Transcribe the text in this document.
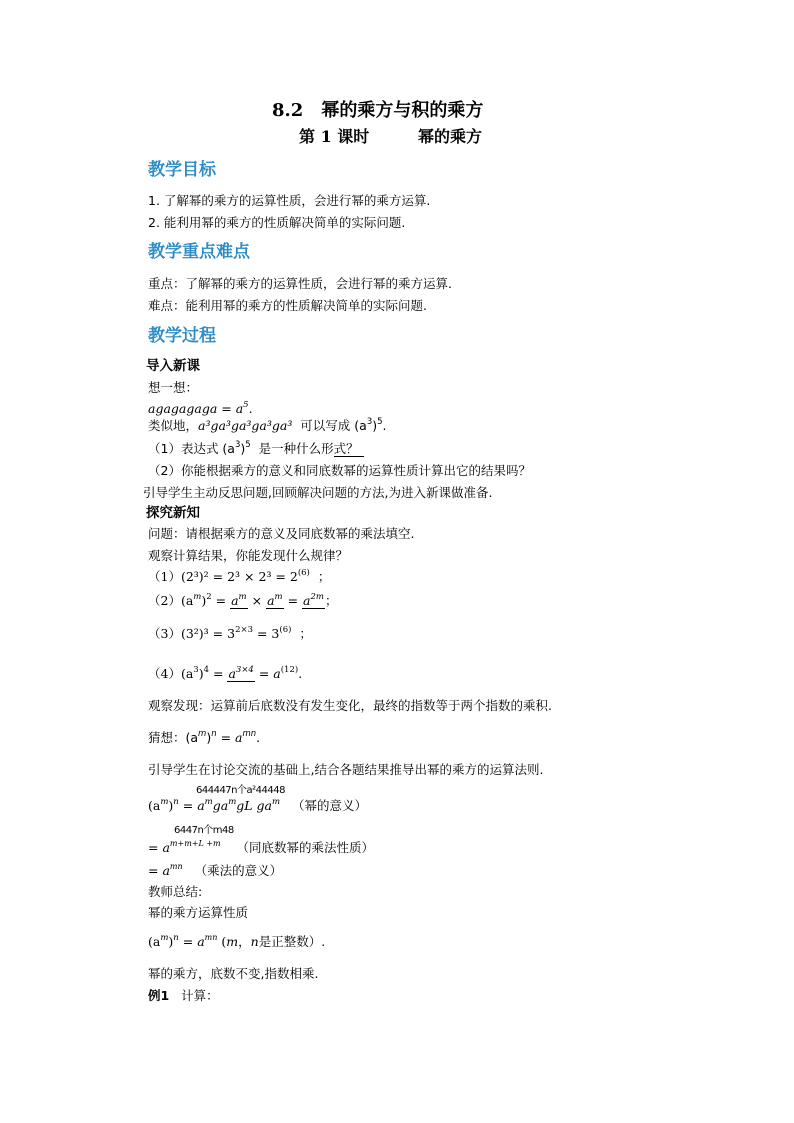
8.2　幂的乘方与积的乘方
第 1 课时	幂的乘方
教学目标
1. 了解幂的乘方的运算性质，会进行幂的乘方运算.
2. 能利用幂的乘方的性质解决简单的实际问题.
教学重点难点
重点：了解幂的乘方的运算性质，会进行幂的乘方运算.
难点：能利用幂的乘方的性质解决简单的实际问题.
教学过程
导入新课
想一想：
agagagaga = $a^5$.
类似地，a³ga³ga³ga³ga³ 可以写成 $(a^3)^5$.
（1）表达式 $(a^3)^5$ 是一种什么形式？
（2）你能根据乘方的意义和同底数幂的运算性质计算出它的结果吗？
引导学生主动反思问题,回顾解决问题的方法,为进入新课做准备.
探究新知
问题：请根据乘方的意义及同底数幂的乘法填空.
观察计算结果，你能发现什么规律？
$(1)(2^3)^2 = 2^3 \times 2^3 = 2^{(6)}$ ；
$(2)(a^m)^2 = a^m \times a^m = a^{2m}$；
$(3)(3^2)^3 = 3^{2\times 3} = 3^{(6)}$ ；
$(4)(a^3)^4 = a^{3\times 4} = a^{(12)}$.
观察发现：运算前后底数没有发生变化，最终的指数等于两个指数的乘积.
猜想：$(a^m)^n = a^{mn}$.
引导学生在讨论交流的基础上,结合各题结果推导出幂的乘方的运算法则.
644447n个a²44448
$(a^m)^n = a^mga^mgL$ $ga^m$ （幂的意义）
6447n个m48
= $a^{m+m+L +m}$ （同底数幂的乘法性质）
= $a^{mn}$ （乘法的意义）
教师总结:
幂的乘方运算性质
$(a^m)^n = a^{mn}$ (m，n是正整数）.
幂的乘方，底数不变,指数相乘.
例1 计算：
